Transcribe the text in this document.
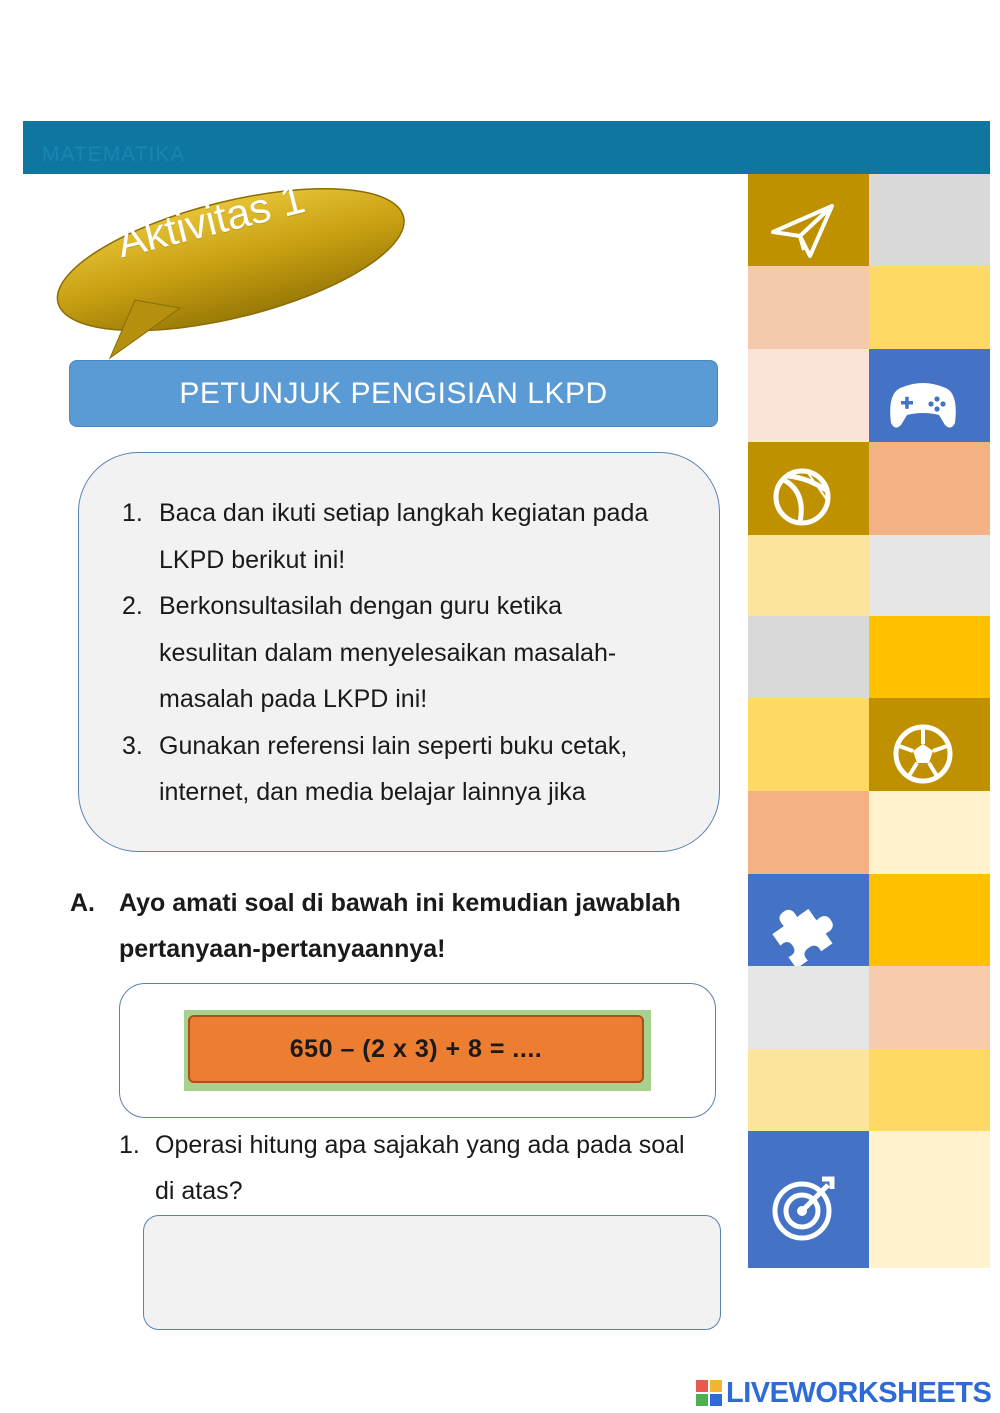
MATEMATIKA
Aktivitas 1
PETUNJUK PENGISIAN LKPD
1. Baca dan ikuti setiap langkah kegiatan pada
LKPD berikut ini!
2. Berkonsultasilah dengan guru ketika
kesulitan dalam menyelesaikan masalah-
masalah pada LKPD ini!
3. Gunakan referensi lain seperti buku cetak,
internet, dan media belajar lainnya jika
A. Ayo amati soal di bawah ini kemudian jawablah
pertanyaan-pertanyaannya!
650 – (2 x 3) + 8 = ....
1. Operasi hitung apa sajakah yang ada pada soal
di atas?
LIVEWORKSHEETS
